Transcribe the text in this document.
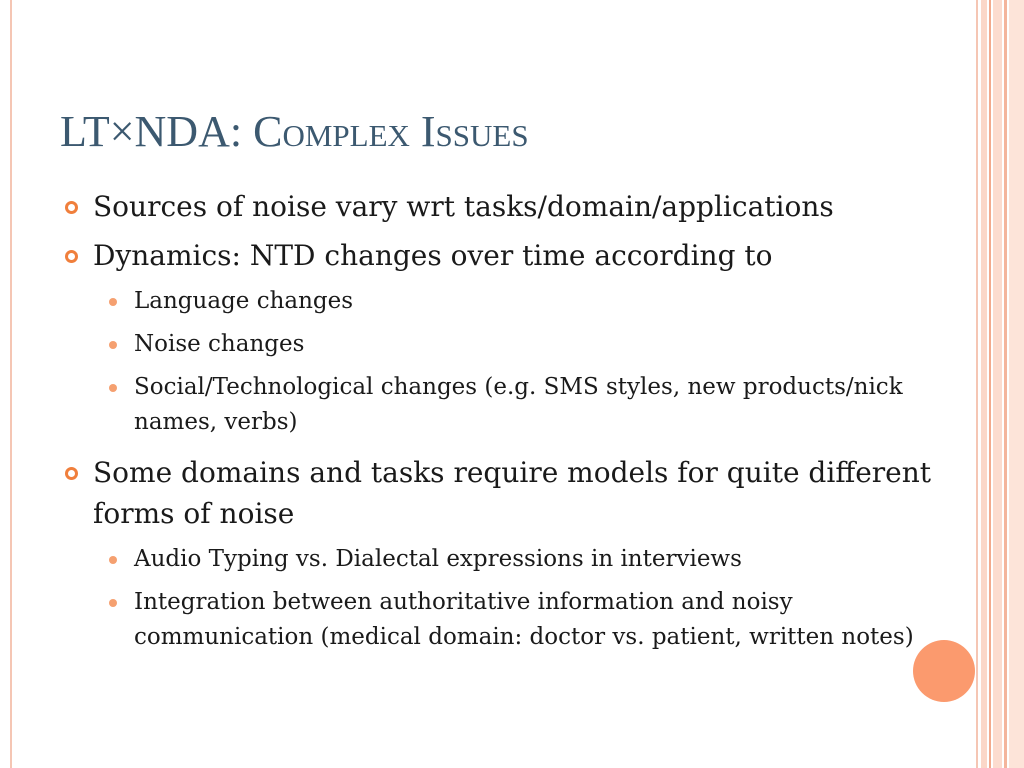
LT×NDA: Complex Issues
Sources of noise vary wrt tasks/domain/applications
Dynamics: NTD changes over time according to
Language changes
Noise changes
Social/Technological changes (e.g. SMS styles, new products/nick names, verbs)
Some domains and tasks require models for quite different forms of noise
Audio Typing vs. Dialectal expressions in interviews
Integration between authoritative information and noisy communication (medical domain: doctor vs. patient, written notes)
